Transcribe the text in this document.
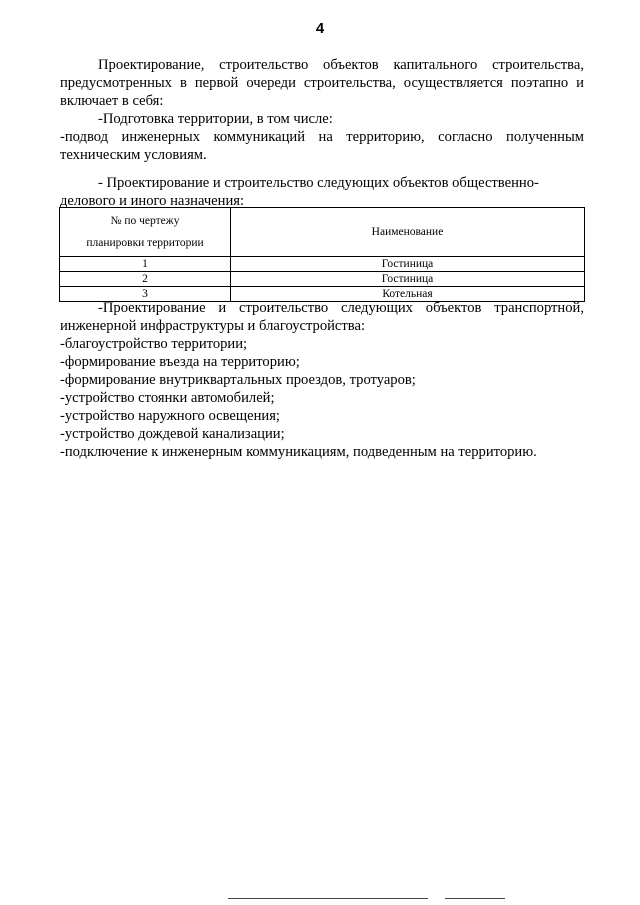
4

Проектирование, строительство объектов капитального строительства, предусмотренных в первой очереди строительства, осуществляется поэтапно и включает в себя:

-Подготовка территории, в том числе:

-подвод инженерных коммуникаций на территорию, согласно полученным

техническим условиям.

- Проектирование и строительство следующих объектов общественно-

делового и иного назначения:

№ по чертежу
планировки территории	Наименование
1	Гостиница
2	Гостиница
3	Котельная

-Проектирование и строительство следующих объектов транспортной,

инженерной инфраструктуры и благоустройства:

-благоустройство территории;

-формирование въезда на территорию;

-формирование внутриквартальных проездов, тротуаров;

-устройство стоянки автомобилей;

-устройство наружного освещения;

-устройство дождевой канализации;

-подключение к инженерным коммуникациям, подведенным на территорию.
